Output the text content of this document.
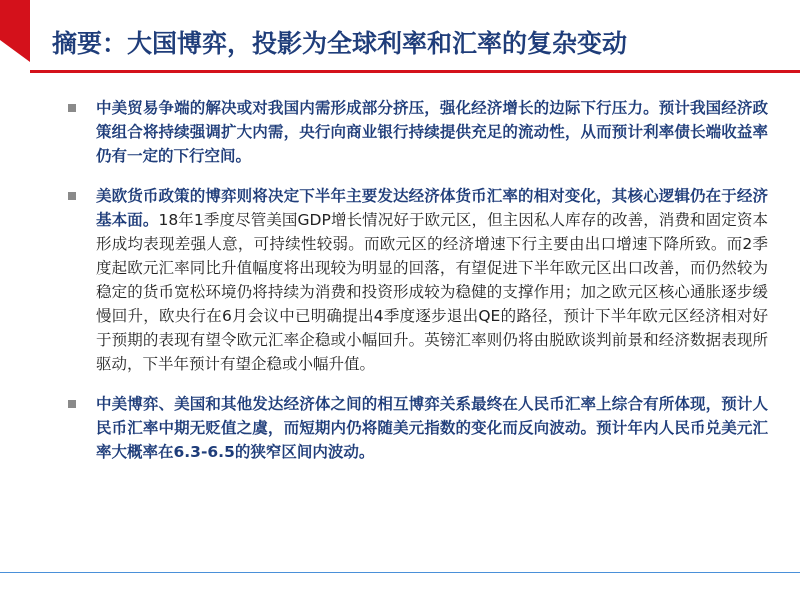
摘要：大国博弈，投影为全球利率和汇率的复杂变动
中美贸易争端的解决或对我国内需形成部分挤压，强化经济增长的边际下行压力。预计我国经济政策组合将持续强调扩大内需，央行向商业银行持续提供充足的流动性，从而预计利率债长端收益率仍有一定的下行空间。
美欧货币政策的博弈则将决定下半年主要发达经济体货币汇率的相对变化，其核心逻辑仍在于经济基本面。18年1季度尽管美国GDP增长情况好于欧元区，但主因私人库存的改善，消费和固定资本形成均表现差强人意，可持续性较弱。而欧元区的经济增速下行主要由出口增速下降所致。而2季度起欧元汇率同比升值幅度将出现较为明显的回落，有望促进下半年欧元区出口改善，而仍然较为稳定的货币宽松环境仍将持续为消费和投资形成较为稳健的支撑作用；加之欧元区核心通胀逐步缓慢回升，欧央行在6月会议中已明确提出4季度逐步退出QE的路径，预计下半年欧元区经济相对好于预期的表现有望令欧元汇率企稳或小幅回升。英镑汇率则仍将由脱欧谈判前景和经济数据表现所驱动，下半年预计有望企稳或小幅升值。
中美博弈、美国和其他发达经济体之间的相互博弈关系最终在人民币汇率上综合有所体现，预计人民币汇率中期无贬值之虞，而短期内仍将随美元指数的变化而反向波动。预计年内人民币兑美元汇率大概率在6.3-6.5的狭窄区间内波动。
